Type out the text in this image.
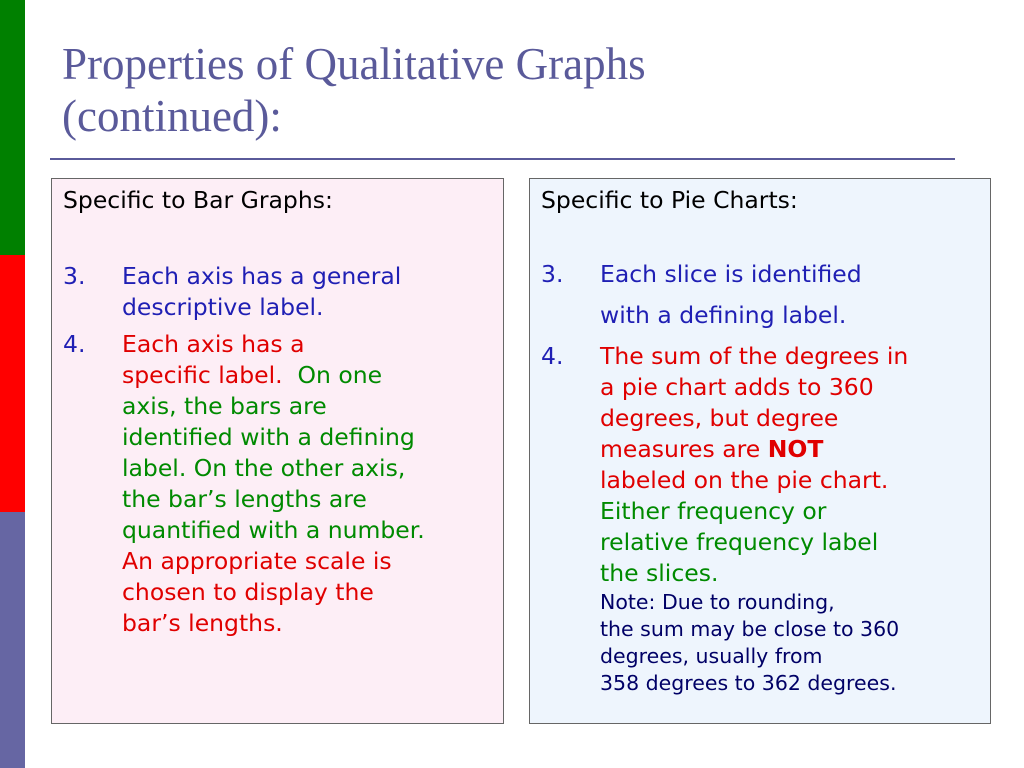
Properties of Qualitative Graphs
(continued):
Specific to Bar Graphs:
3. Each axis has a general
descriptive label.
4. Each axis has a
specific label. On one
axis, the bars are
identified with a defining
label. On the other axis,
the bar’s lengths are
quantified with a number.
An appropriate scale is
chosen to display the
bar’s lengths.
Specific to Pie Charts:
3. Each slice is identified
with a defining label.
4. The sum of the degrees in
a pie chart adds to 360
degrees, but degree
measures are NOT
labeled on the pie chart.
Either frequency or
relative frequency label
the slices.
Note: Due to rounding,
the sum may be close to 360
degrees, usually from
358 degrees to 362 degrees.
